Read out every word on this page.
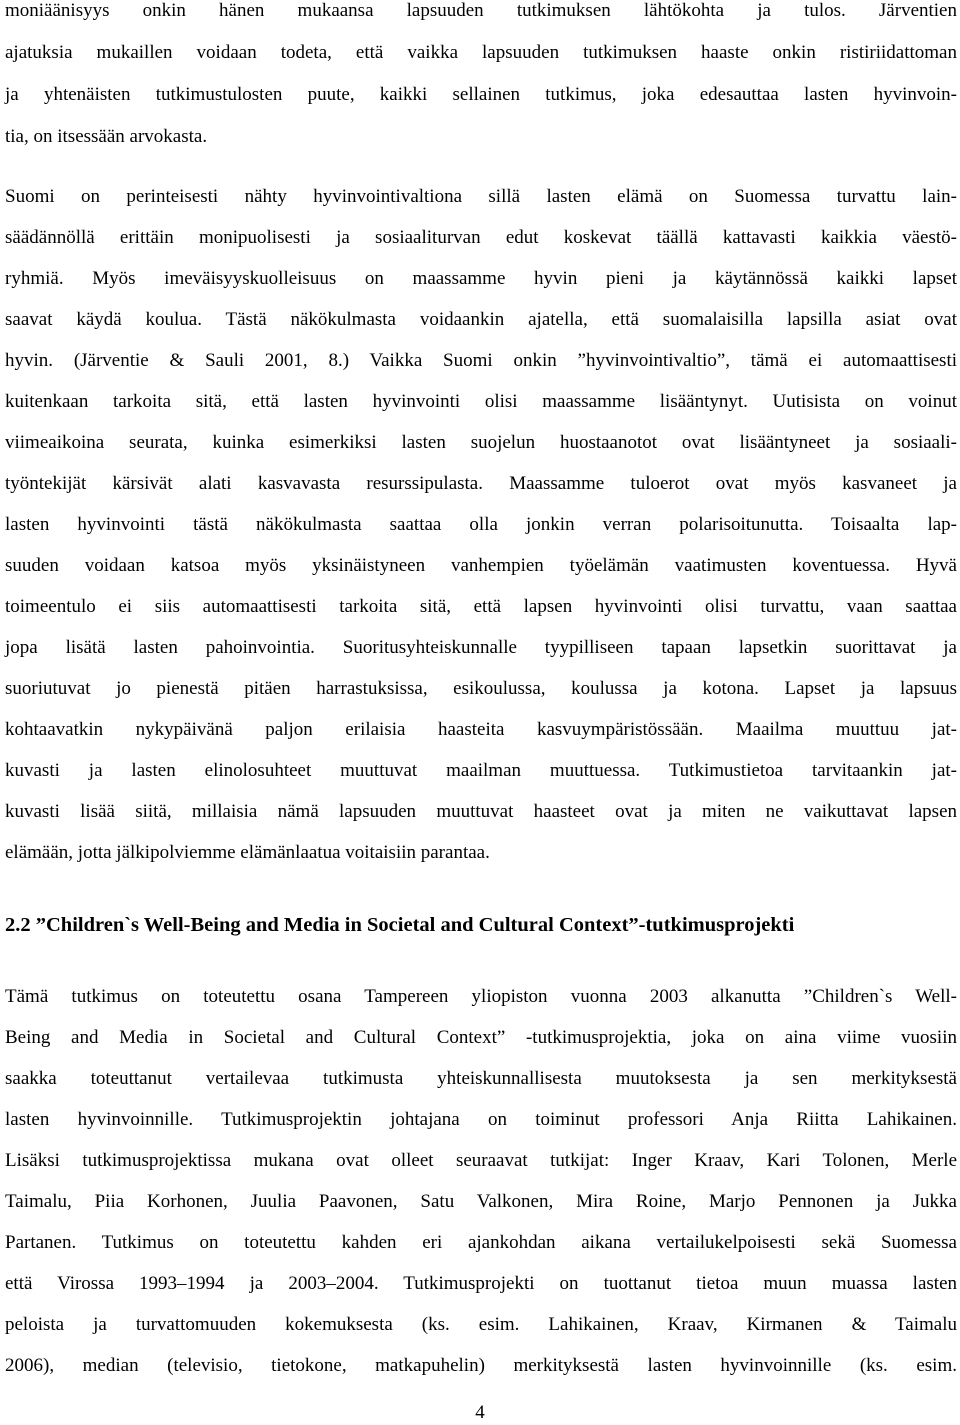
moniäänisyys onkin hänen mukaansa lapsuuden tutkimuksen lähtökohta ja tulos. Järventien
ajatuksia mukaillen voidaan todeta, että vaikka lapsuuden tutkimuksen haaste onkin ristiriidattoman
ja yhtenäisten tutkimustulosten puute, kaikki sellainen tutkimus, joka edesauttaa lasten hyvinvoin-
tia, on itsessään arvokasta.
Suomi on perinteisesti nähty hyvinvointivaltiona sillä lasten elämä on Suomessa turvattu lain-
säädännöllä erittäin monipuolisesti ja sosiaaliturvan edut koskevat täällä kattavasti kaikkia väestö-
ryhmiä. Myös imeväisyyskuolleisuus on maassamme hyvin pieni ja käytännössä kaikki lapset
saavat käydä koulua. Tästä näkökulmasta voidaankin ajatella, että suomalaisilla lapsilla asiat ovat
hyvin. (Järventie & Sauli 2001, 8.) Vaikka Suomi onkin ”hyvinvointivaltio”, tämä ei automaattisesti
kuitenkaan tarkoita sitä, että lasten hyvinvointi olisi maassamme lisääntynyt. Uutisista on voinut
viimeaikoina seurata, kuinka esimerkiksi lasten suojelun huostaanotot ovat lisääntyneet ja sosiaali-
työntekijät kärsivät alati kasvavasta resurssipulasta. Maassamme tuloerot ovat myös kasvaneet ja
lasten hyvinvointi tästä näkökulmasta saattaa olla jonkin verran polarisoitunutta. Toisaalta lap-
suuden voidaan katsoa myös yksinäistyneen vanhempien työelämän vaatimusten koventuessa. Hyvä
toimeentulo ei siis automaattisesti tarkoita sitä, että lapsen hyvinvointi olisi turvattu, vaan saattaa
jopa lisätä lasten pahoinvointia. Suoritusyhteiskunnalle tyypilliseen tapaan lapsetkin suorittavat ja
suoriutuvat jo pienestä pitäen harrastuksissa, esikoulussa, koulussa ja kotona. Lapset ja lapsuus
kohtaavatkin nykypäivänä paljon erilaisia haasteita kasvuympäristössään. Maailma muuttuu jat-
kuvasti ja lasten elinolosuhteet muuttuvat maailman muuttuessa. Tutkimustietoa tarvitaankin jat-
kuvasti lisää siitä, millaisia nämä lapsuuden muuttuvat haasteet ovat ja miten ne vaikuttavat lapsen
elämään, jotta jälkipolviemme elämänlaatua voitaisiin parantaa.
2.2 ”Children`s Well-Being and Media in Societal and Cultural Context”-tutkimusprojekti
Tämä tutkimus on toteutettu osana Tampereen yliopiston vuonna 2003 alkanutta ”Children`s Well-
Being and Media in Societal and Cultural Context” -tutkimusprojektia, joka on aina viime vuosiin
saakka toteuttanut vertailevaa tutkimusta yhteiskunnallisesta muutoksesta ja sen merkityksestä
lasten hyvinvoinnille. Tutkimusprojektin johtajana on toiminut professori Anja Riitta Lahikainen.
Lisäksi tutkimusprojektissa mukana ovat olleet seuraavat tutkijat: Inger Kraav, Kari Tolonen, Merle
Taimalu, Piia Korhonen, Juulia Paavonen, Satu Valkonen, Mira Roine, Marjo Pennonen ja Jukka
Partanen. Tutkimus on toteutettu kahden eri ajankohdan aikana vertailukelpoisesti sekä Suomessa
että Virossa 1993–1994 ja 2003–2004. Tutkimusprojekti on tuottanut tietoa muun muassa lasten
peloista ja turvattomuuden kokemuksesta (ks. esim. Lahikainen, Kraav, Kirmanen & Taimalu
2006), median (televisio, tietokone, matkapuhelin) merkityksestä lasten hyvinvoinnille (ks. esim.
4
